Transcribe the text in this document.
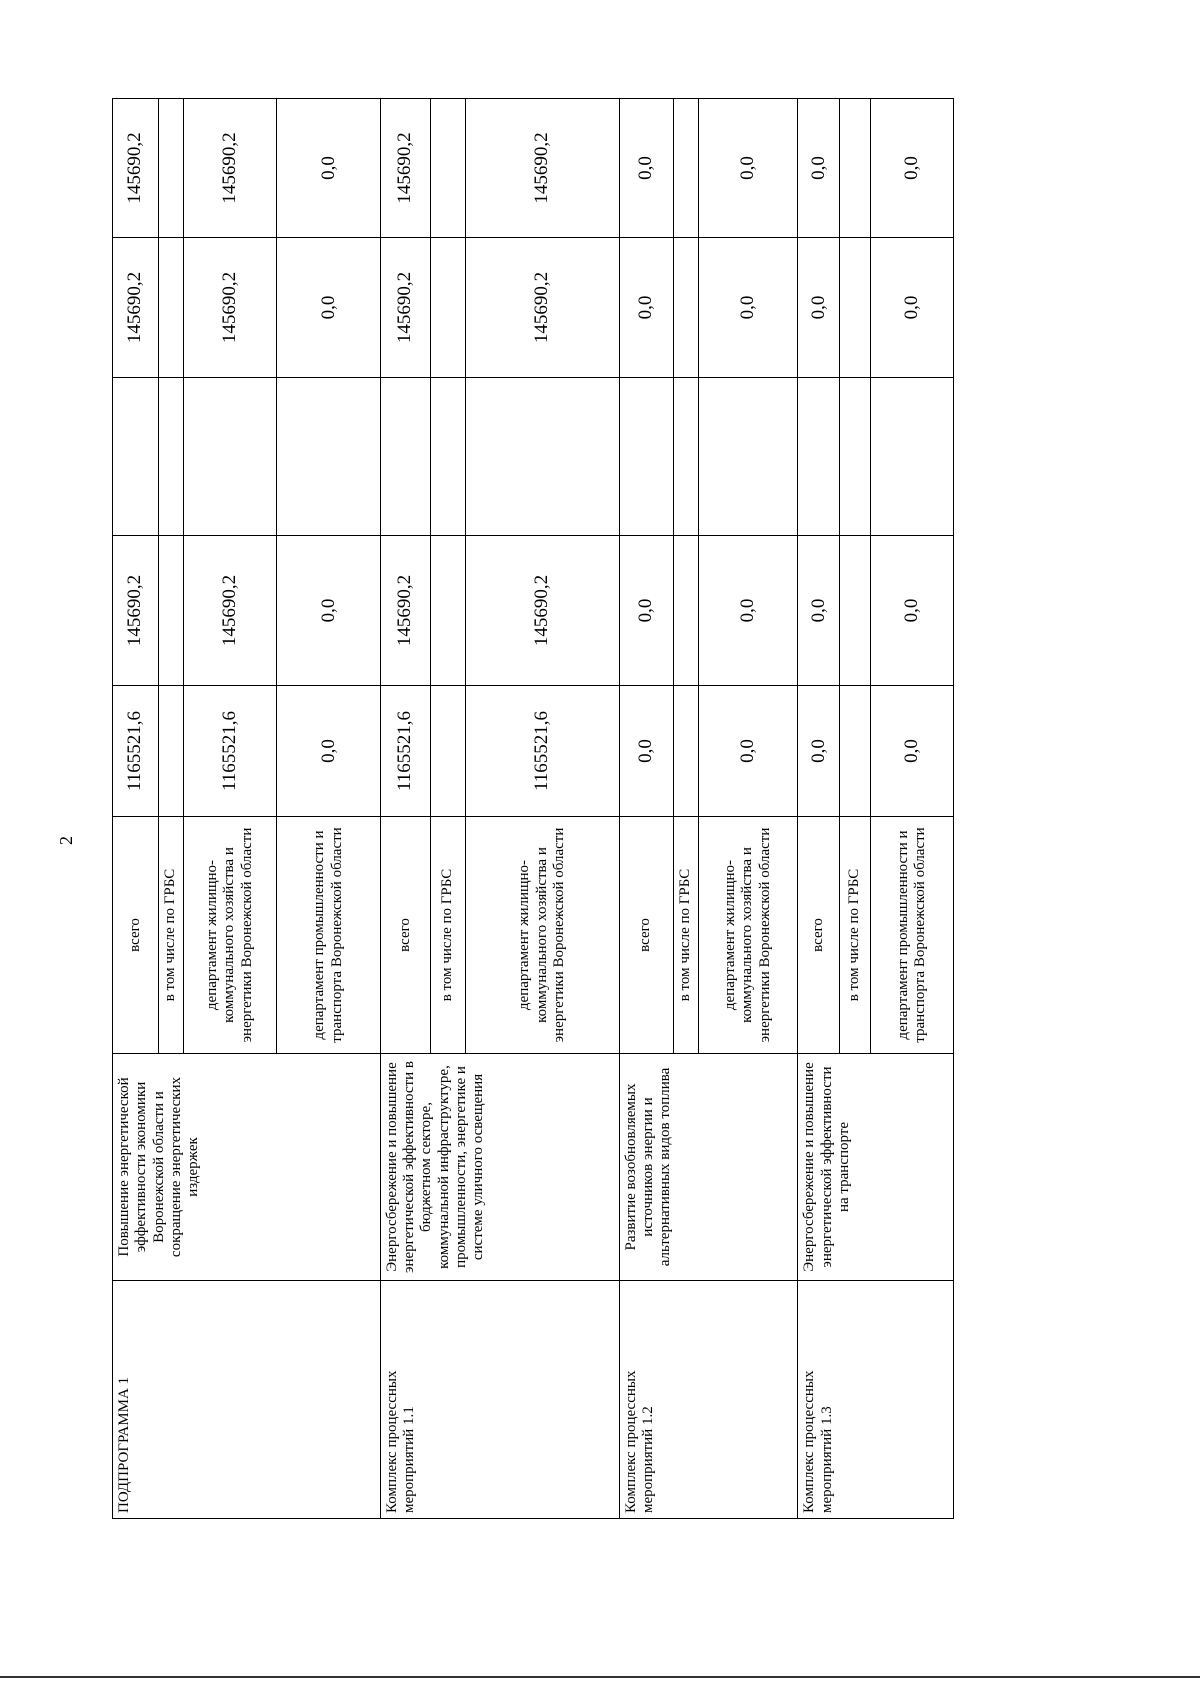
2
ПОДПРОГРАММА 1	Повышение энергетической эффективности экономики Воронежской области и сокращение энергетических издержек	всего	1165521,6	145690,2		145690,2	145690,2
		в том числе по ГРБС					
		департамент жилищно-коммунального хозяйства и энергетики Воронежской области	1165521,6	145690,2		145690,2	145690,2
		департамент промышленности и транспорта Воронежской области	0,0	0,0		0,0	0,0
Комплекс процессных мероприятий 1.1	Энергосбережение и повышение энергетической эффективности в бюджетном секторе, коммунальной инфраструктуре, промышленности, энергетике и системе уличного освещения	всего	1165521,6	145690,2		145690,2	145690,2
		в том числе по ГРБС					
		департамент жилищно-коммунального хозяйства и энергетики Воронежской области	1165521,6	145690,2		145690,2	145690,2
Комплекс процессных мероприятий 1.2	Развитие возобновляемых источников энергии и альтернативных видов топлива	всего	0,0	0,0		0,0	0,0
		в том числе по ГРБС					
		департамент жилищно-коммунального хозяйства и энергетики Воронежской области	0,0	0,0		0,0	0,0
Комплекс процессных мероприятий 1.3	Энергосбережение и повышение энергетической эффективности на транспорте	всего	0,0	0,0		0,0	0,0
		в том числе по ГРБС					
		департамент промышленности и транспорта Воронежской области	0,0	0,0		0,0	0,0
